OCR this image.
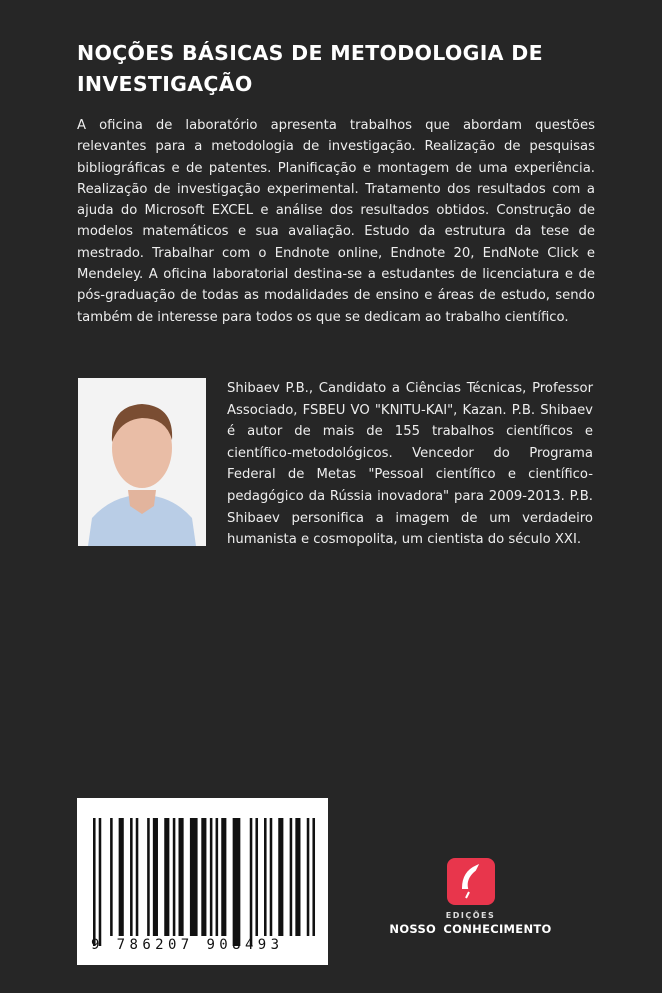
NOÇÕES BÁSICAS DE METODOLOGIA DE INVESTIGAÇÃO
A oficina de laboratório apresenta trabalhos que abordam questões relevantes para a metodologia de investigação. Realização de pesquisas bibliográficas e de patentes. Planificação e montagem de uma experiência. Realização de investigação experimental. Tratamento dos resultados com a ajuda do Microsoft EXCEL e análise dos resultados obtidos. Construção de modelos matemáticos e sua avaliação. Estudo da estrutura da tese de mestrado. Trabalhar com o Endnote online, Endnote 20, EndNote Click e Mendeley. A oficina laboratorial destina-se a estudantes de licenciatura e de pós-graduação de todas as modalidades de ensino e áreas de estudo, sendo também de interesse para todos os que se dedicam ao trabalho científico.
Shibaev P.B., Candidato a Ciências Técnicas, Professor Associado, FSBEU VO "KNITU-KAI", Kazan. P.B. Shibaev é autor de mais de 155 trabalhos científicos e científico-metodológicos. Vencedor do Programa Federal de Metas "Pessoal científico e científico-pedagógico da Rússia inovadora" para 2009-2013. P.B. Shibaev personifica a imagem de um verdadeiro humanista e cosmopolita, um cientista do século XXI.
9 786207 908493
EDIÇÕES
NOSSO CONHECIMENTO
